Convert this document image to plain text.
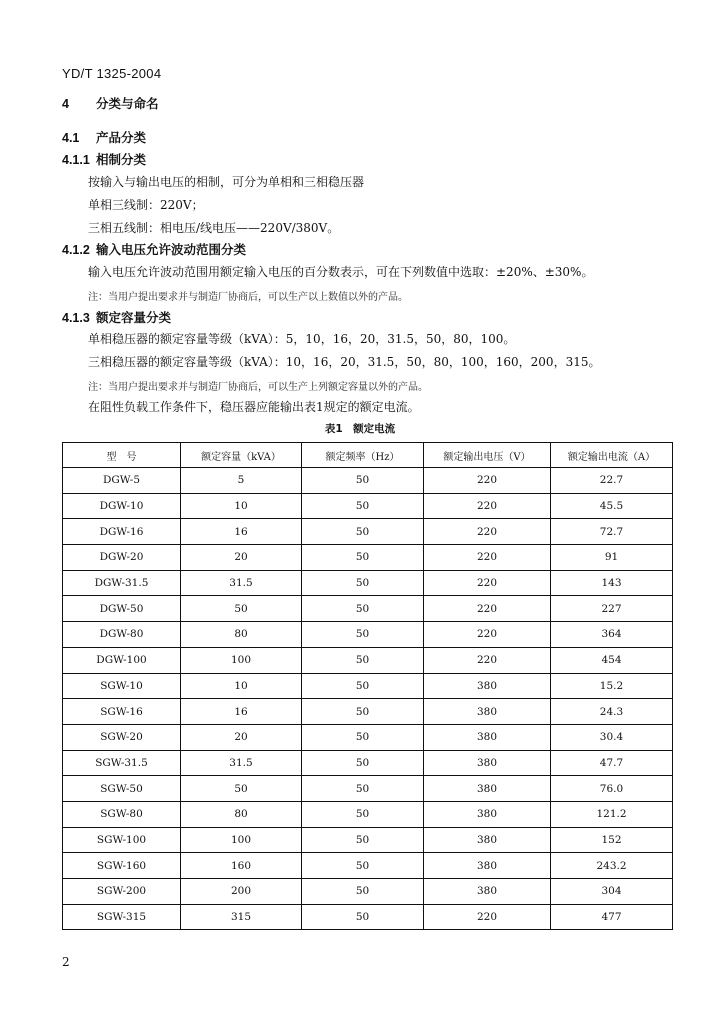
YD/T 1325-2004
4 分类与命名
4.1 产品分类
4.1.1 相制分类
按输入与输出电压的相制，可分为单相和三相稳压器
单相三线制：220V；
三相五线制：相电压/线电压——220V/380V。
4.1.2 输入电压允许波动范围分类
输入电压允许波动范围用额定输入电压的百分数表示，可在下列数值中选取：±20%、±30%。
注：当用户提出要求并与制造厂协商后，可以生产以上数值以外的产品。
4.1.3 额定容量分类
单相稳压器的额定容量等级（kVA）：5，10，16，20，31.5，50，80，100。
三相稳压器的额定容量等级（kVA）：10，16，20，31.5，50，80，100，160，200，315。
注：当用户提出要求并与制造厂协商后，可以生产上列额定容量以外的产品。
在阻性负载工作条件下，稳压器应能输出表1规定的额定电流。
表1　额定电流
型　号	额定容量（kVA）	额定频率（Hz）	额定输出电压（V）	额定输出电流（A）
DGW-5	5	50	220	22.7
DGW-10	10	50	220	45.5
DGW-16	16	50	220	72.7
DGW-20	20	50	220	91
DGW-31.5	31.5	50	220	143
DGW-50	50	50	220	227
DGW-80	80	50	220	364
DGW-100	100	50	220	454
SGW-10	10	50	380	15.2
SGW-16	16	50	380	24.3
SGW-20	20	50	380	30.4
SGW-31.5	31.5	50	380	47.7
SGW-50	50	50	380	76.0
SGW-80	80	50	380	121.2
SGW-100	100	50	380	152
SGW-160	160	50	380	243.2
SGW-200	200	50	380	304
SGW-315	315	50	220	477
2
